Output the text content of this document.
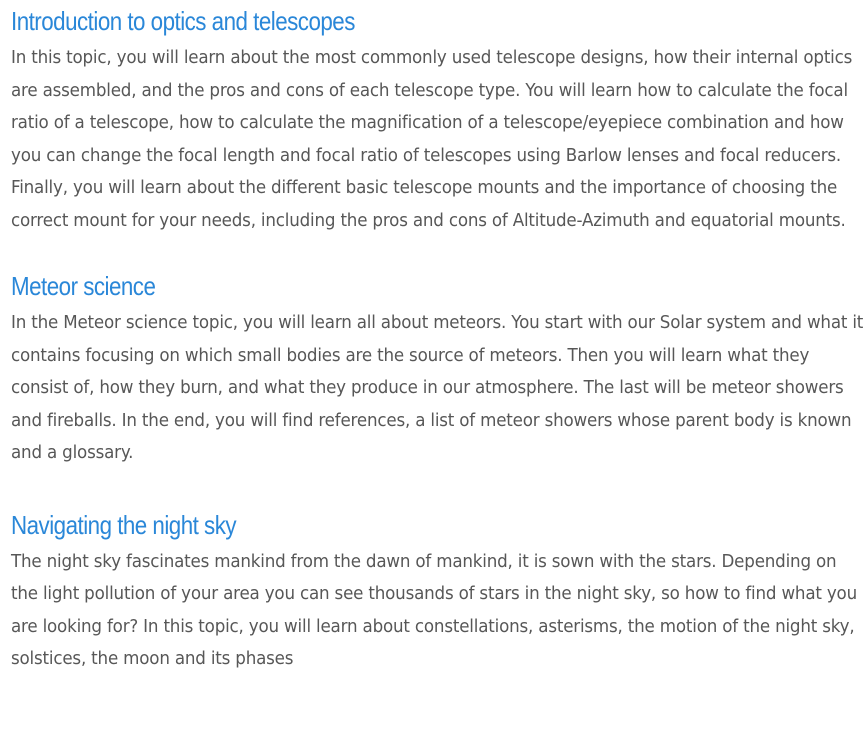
Introduction to optics and telescopes

In this topic, you will learn about the most commonly used telescope designs, how their internal optics are assembled, and the pros and cons of each telescope type. You will learn how to calculate the focal ratio of a telescope, how to calculate the magnification of a telescope/eyepiece combination and how you can change the focal length and focal ratio of telescopes using Barlow lenses and focal reducers. Finally, you will learn about the different basic telescope mounts and the importance of choosing the correct mount for your needs, including the pros and cons of Altitude-Azimuth and equatorial mounts.

Meteor science

In the Meteor science topic, you will learn all about meteors. You start with our Solar system and what it contains focusing on which small bodies are the source of meteors. Then you will learn what they consist of, how they burn, and what they produce in our atmosphere. The last will be meteor showers and fireballs. In the end, you will find references, a list of meteor showers whose parent body is known and a glossary.

Navigating the night sky

The night sky fascinates mankind from the dawn of mankind, it is sown with the stars. Depending on the light pollution of your area you can see thousands of stars in the night sky, so how to find what you are looking for? In this topic, you will learn about constellations, asterisms, the motion of the night sky, solstices, the moon and its phases
